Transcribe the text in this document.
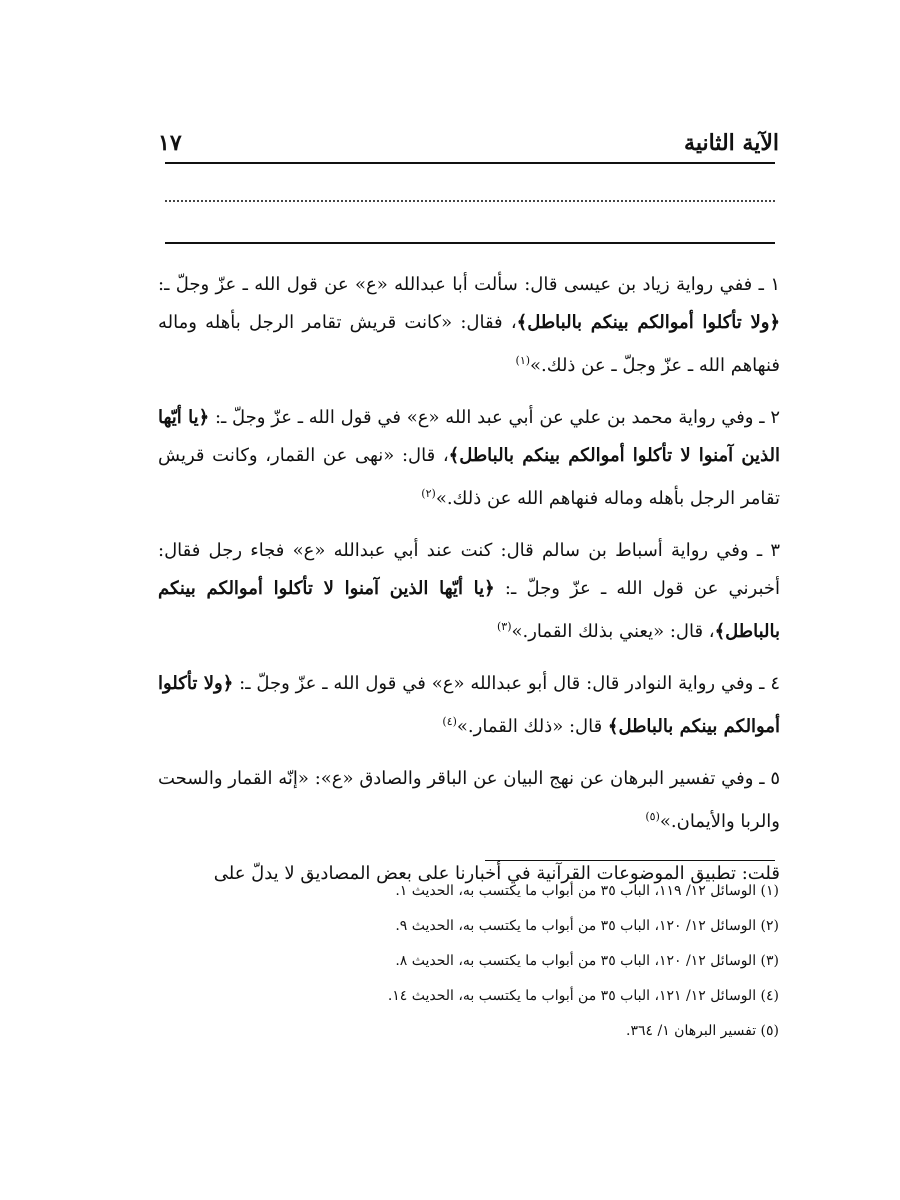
الآية الثانية
١٧

١ ـ ففي رواية زياد بن عيسى قال: سألت أبا عبدالله «ع» عن قول الله ـ عزّ وجلّ ـ: ﴿ولا تأكلوا أموالكم بينكم بالباطل﴾، فقال: «كانت قريش تقامر الرجل بأهله وماله فنهاهم الله ـ عزّ وجلّ ـ عن ذلك.»$^{(١)}$

٢ ـ وفي رواية محمد بن علي عن أبي عبد الله «ع» في قول الله ـ عزّ وجلّ ـ: ﴿يا أيّها الذين آمنوا لا تأكلوا أموالكم بينكم بالباطل﴾، قال: «نهى عن القمار، وكانت قريش تقامر الرجل بأهله وماله فنهاهم الله عن ذلك.»$^{(٢)}$

٣ ـ وفي رواية أسباط بن سالم قال: كنت عند أبي عبدالله «ع» فجاء رجل فقال: أخبرني عن قول الله ـ عزّ وجلّ ـ: ﴿يا أيّها الذين آمنوا لا تأكلوا أموالكم بينكم بالباطل﴾، قال: «يعني بذلك القمار.»$^{(٣)}$

٤ ـ وفي رواية النوادر قال: قال أبو عبدالله «ع» في قول الله ـ عزّ وجلّ ـ: ﴿ولا تأكلوا أموالكم بينكم بالباطل﴾ قال: «ذلك القمار.»$^{(٤)}$

٥ ـ وفي تفسير البرهان عن نهج البيان عن الباقر والصادق «ع»: «إنّه القمار والسحت والربا والأيمان.»$^{(٥)}$

قلت: تطبيق الموضوعات القرآنية في أخبارنا على بعض المصاديق لا يدلّ على

(١) الوسائل ١٢/ ١١٩، الباب ٣٥ من أبواب ما يكتسب به، الحديث ١.

(٢) الوسائل ١٢/ ١٢٠، الباب ٣٥ من أبواب ما يكتسب به، الحديث ٩.

(٣) الوسائل ١٢/ ١٢٠، الباب ٣٥ من أبواب ما يكتسب به، الحديث ٨.

(٤) الوسائل ١٢/ ١٢١، الباب ٣٥ من أبواب ما يكتسب به، الحديث ١٤.

(٥) تفسير البرهان ١/ ٣٦٤.
